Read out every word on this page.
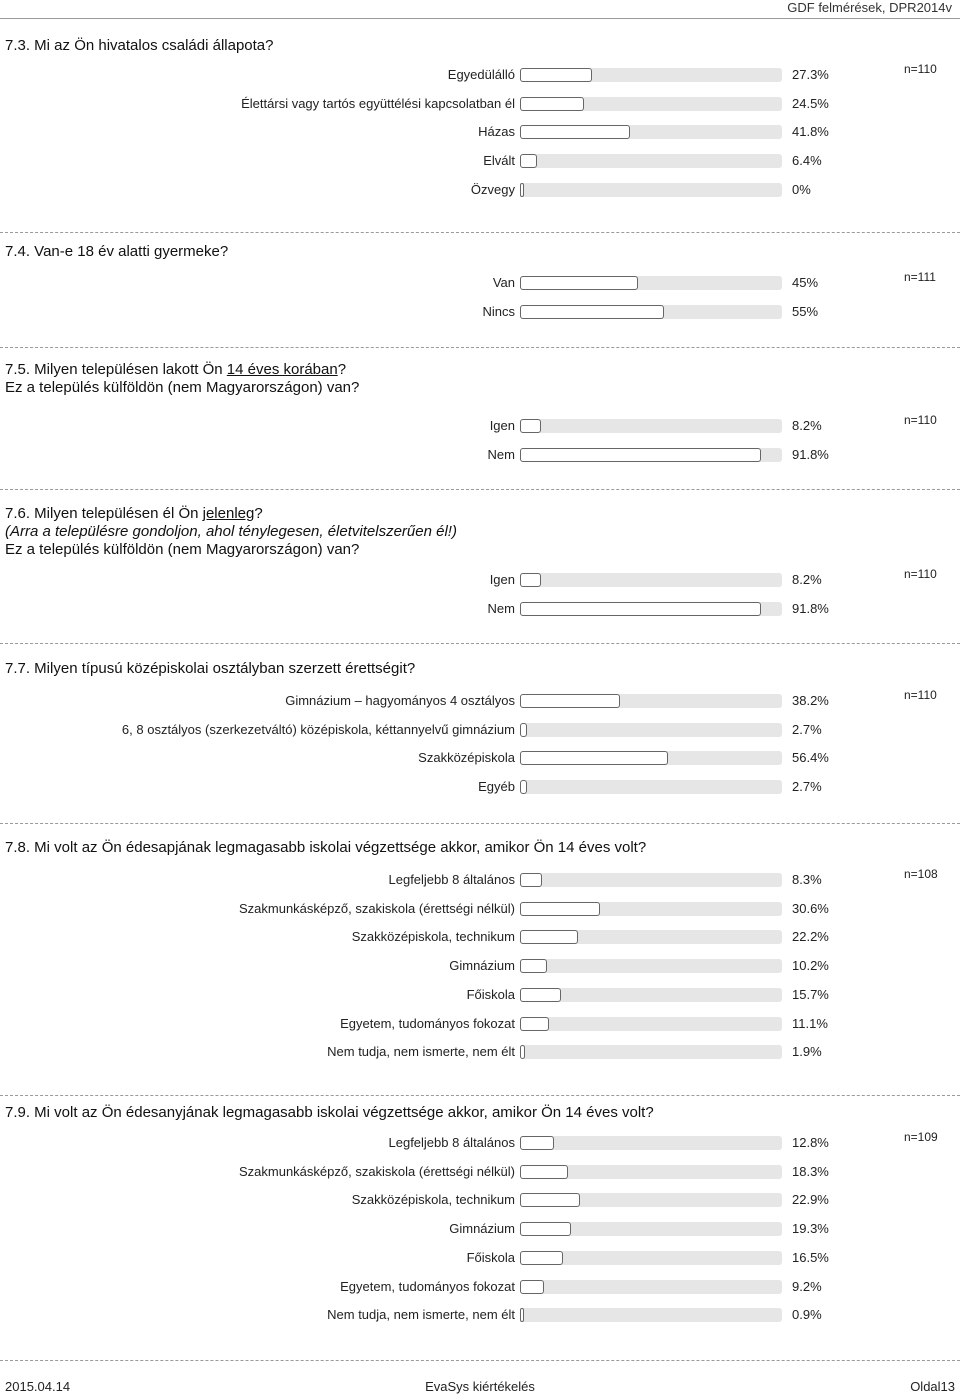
GDF felmérések, DPR2014v
7.3. Mi az Ön hivatalos családi állapota?
n=110
Egyedülálló	27.3%
Élettársi vagy tartós együttélési kapcsolatban él	24.5%
Házas	41.8%
Elvált	6.4%
Özvegy	0%
7.4. Van-e 18 év alatti gyermeke?
n=111
Van	45%
Nincs	55%
7.5. Milyen településen lakott Ön 14 éves korában?
Ez a település külföldön (nem Magyarországon) van?
n=110
Igen	8.2%
Nem	91.8%
7.6. Milyen településen él Ön jelenleg?
(Arra a településre gondoljon, ahol ténylegesen, életvitelszerűen él!)
Ez a település külföldön (nem Magyarországon) van?
n=110
Igen	8.2%
Nem	91.8%
7.7. Milyen típusú középiskolai osztályban szerzett érettségit?
n=110
Gimnázium – hagyományos 4 osztályos	38.2%
6, 8 osztályos (szerkezetváltó) középiskola, kéttannyelvű gimnázium	2.7%
Szakközépiskola	56.4%
Egyéb	2.7%
7.8. Mi volt az Ön édesapjának legmagasabb iskolai végzettsége akkor, amikor Ön 14 éves volt?
n=108
Legfeljebb 8 általános	8.3%
Szakmunkásképző, szakiskola (érettségi nélkül)	30.6%
Szakközépiskola, technikum	22.2%
Gimnázium	10.2%
Főiskola	15.7%
Egyetem, tudományos fokozat	11.1%
Nem tudja, nem ismerte, nem élt	1.9%
7.9. Mi volt az Ön édesanyjának legmagasabb iskolai végzettsége akkor, amikor Ön 14 éves volt?
n=109
Legfeljebb 8 általános	12.8%
Szakmunkásképző, szakiskola (érettségi nélkül)	18.3%
Szakközépiskola, technikum	22.9%
Gimnázium	19.3%
Főiskola	16.5%
Egyetem, tudományos fokozat	9.2%
Nem tudja, nem ismerte, nem élt	0.9%
2015.04.14	EvaSys kiértékelés	Oldal13
